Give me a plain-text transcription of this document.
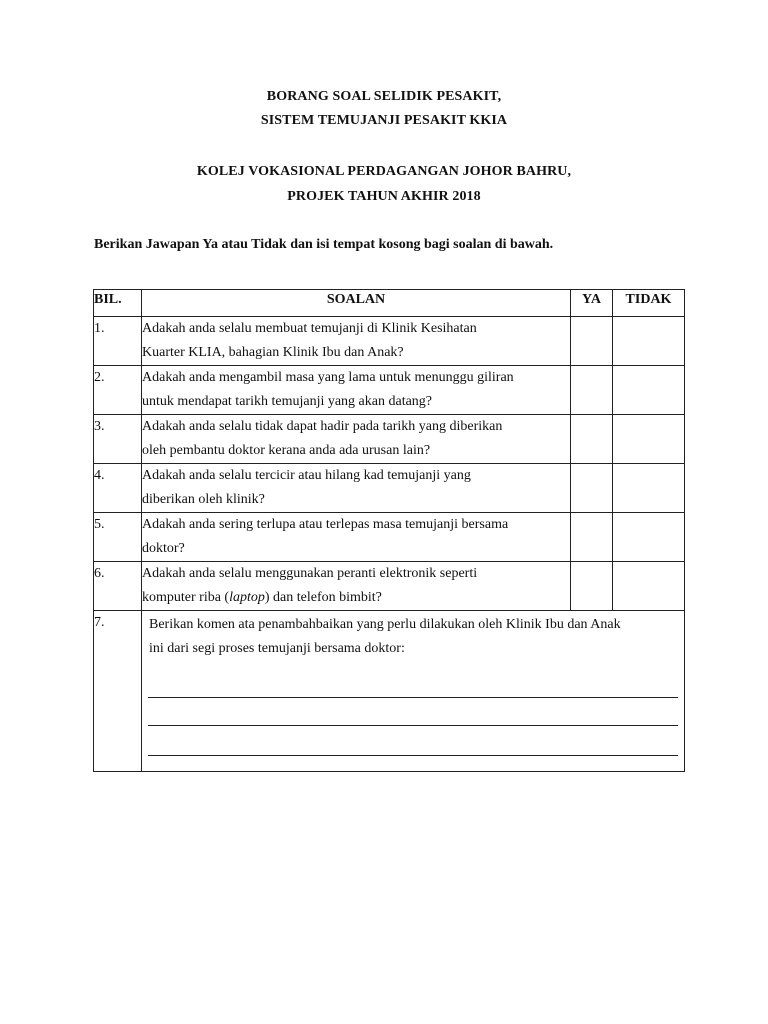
BORANG SOAL SELIDIK PESAKIT,
SISTEM TEMUJANJI PESAKIT KKIA
KOLEJ VOKASIONAL PERDAGANGAN JOHOR BAHRU,
PROJEK TAHUN AKHIR 2018
Berikan Jawapan Ya atau Tidak dan isi tempat kosong bagi soalan di bawah.
BIL.	SOALAN	YA	TIDAK
1.	Adakah anda selalu membuat temujanji di Klinik Kesihatan
Kuarter KLIA, bahagian Klinik Ibu dan Anak?		

2.	Adakah anda mengambil masa yang lama untuk menunggu giliran
untuk mendapat tarikh temujanji yang akan datang?		

3.	Adakah anda selalu tidak dapat hadir pada tarikh yang diberikan
oleh pembantu doktor kerana anda ada urusan lain?		

4.	Adakah anda selalu tercicir atau hilang kad temujanji yang
diberikan oleh klinik?		

5.	Adakah anda sering terlupa atau terlepas masa temujanji bersama
doktor?		

6.	Adakah anda selalu menggunakan peranti elektronik seperti
komputer riba (laptop) dan telefon bimbit?		

7.	Berikan komen ata penambahbaikan yang perlu dilakukan oleh Klinik Ibu dan Anak
ini dari segi proses temujanji bersama doktor:		
